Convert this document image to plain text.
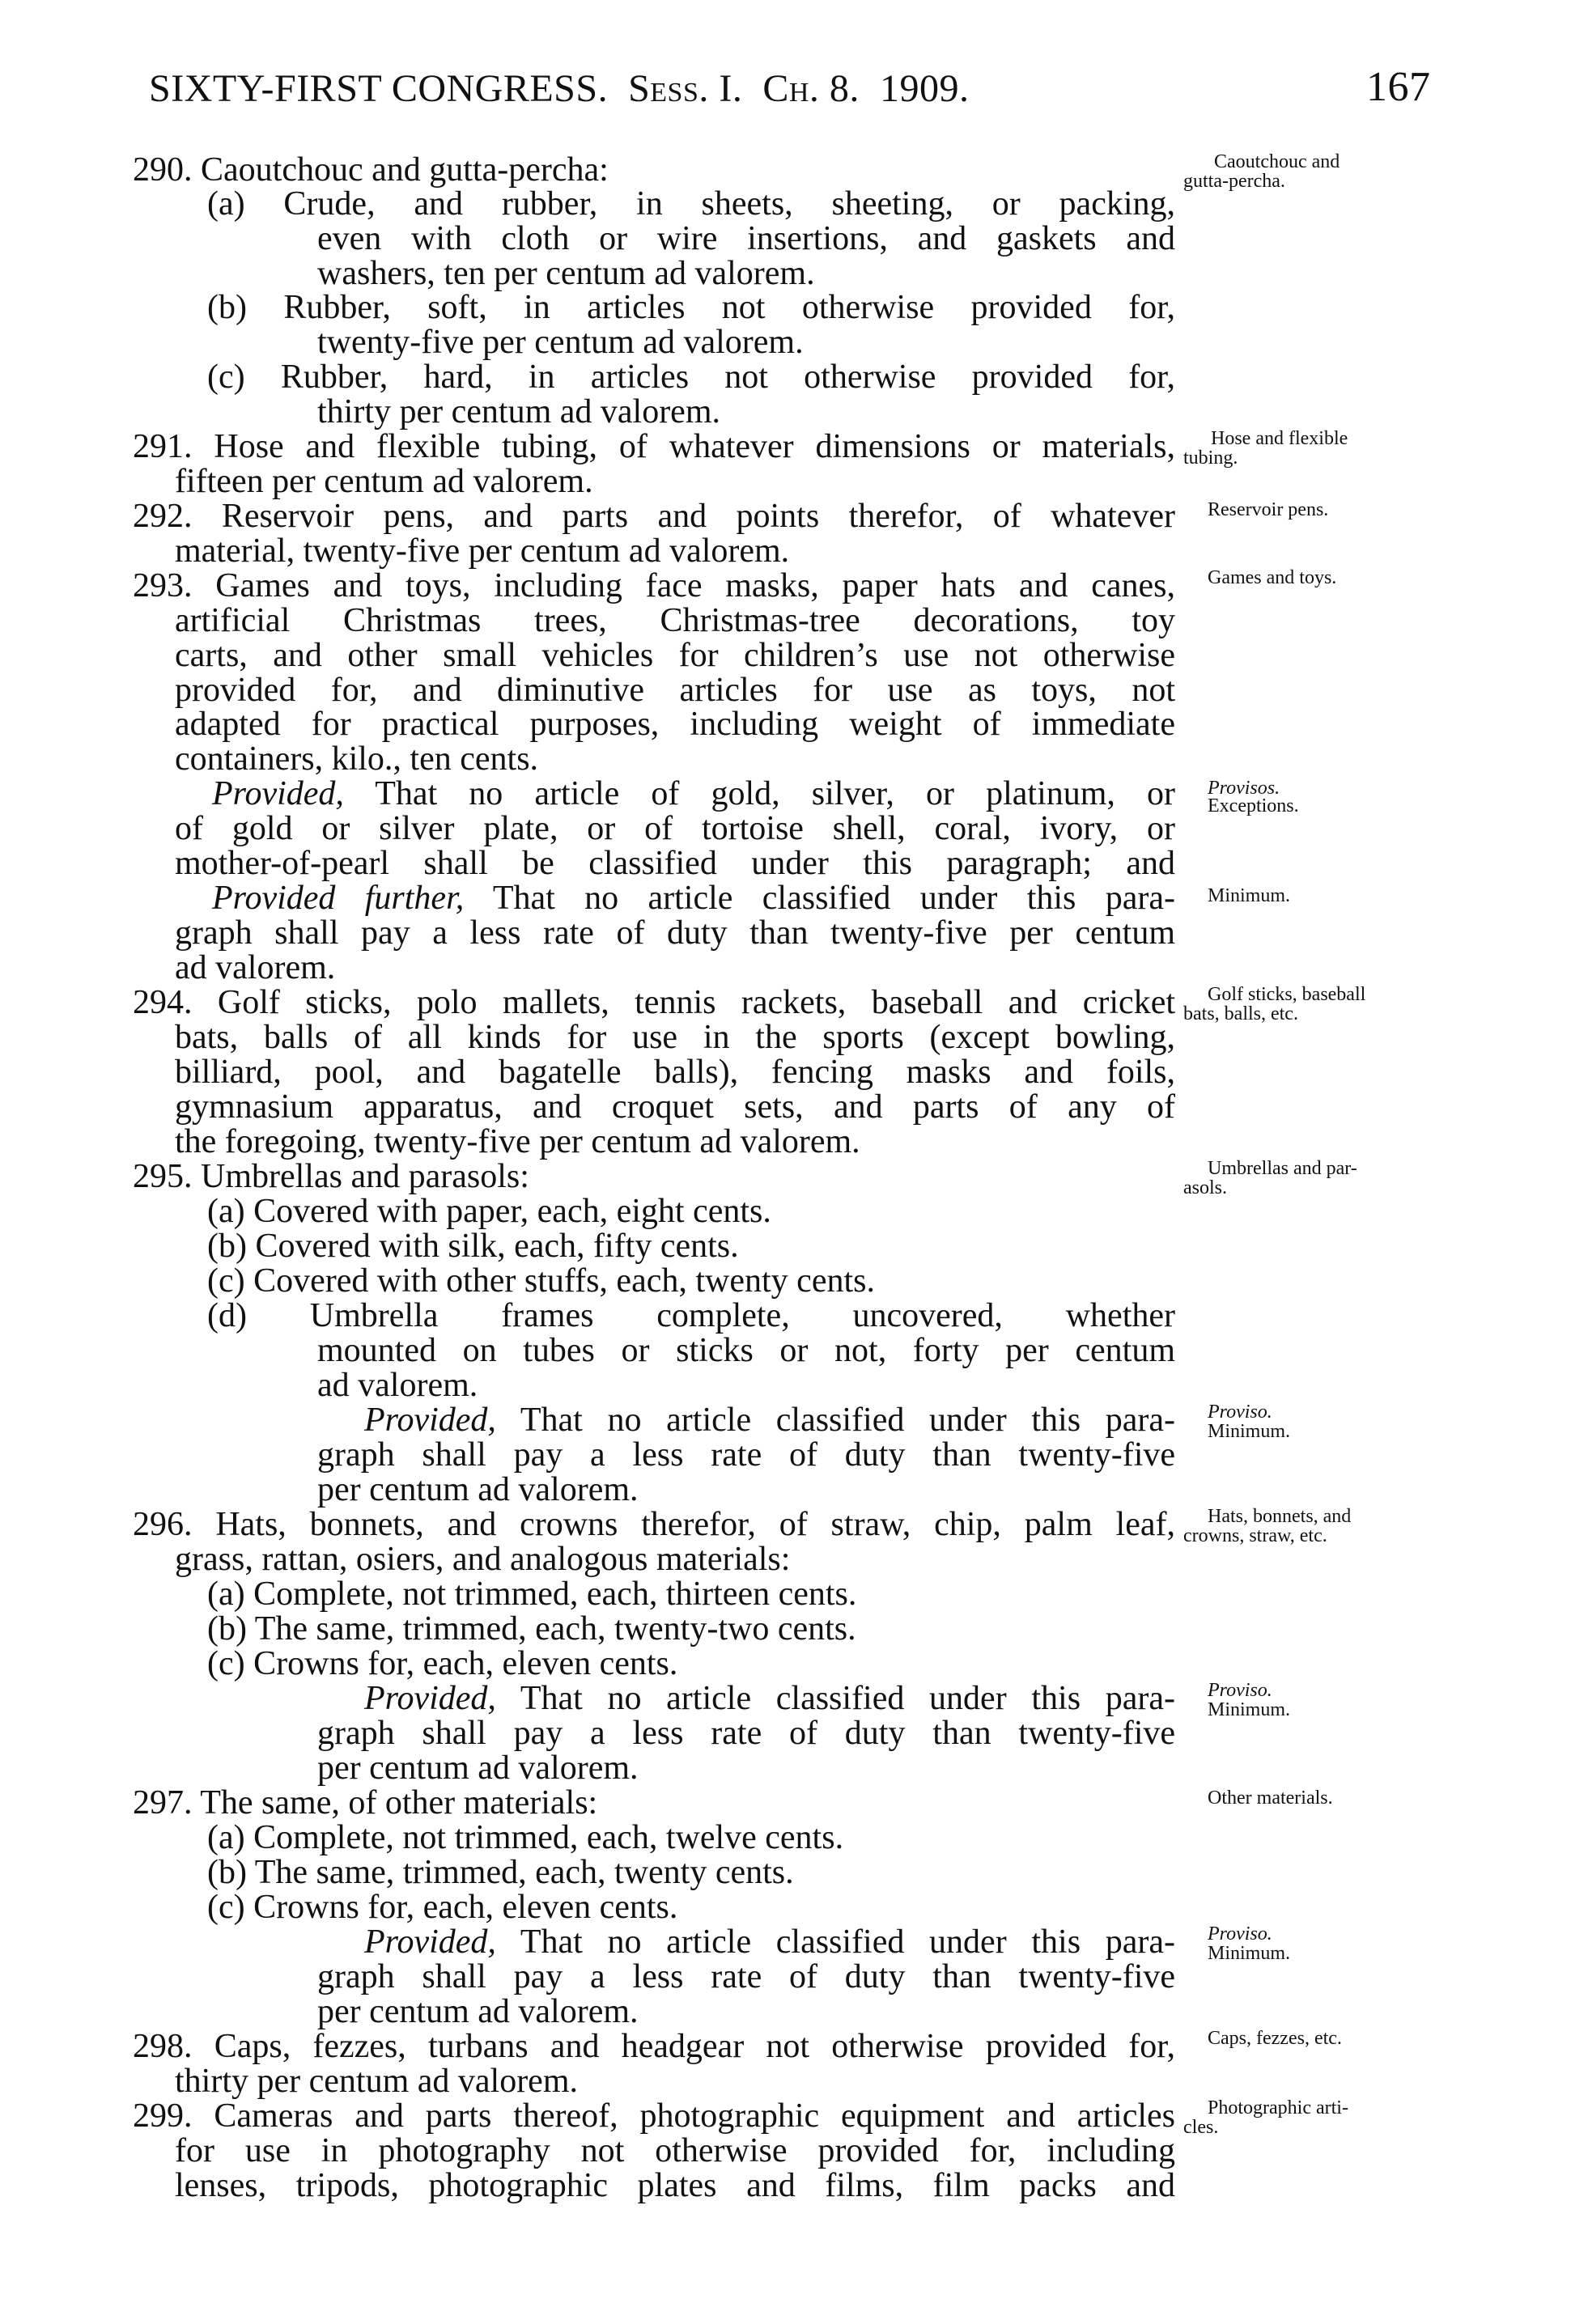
SIXTY-FIRST CONGRESS. Sess. I. Ch. 8. 1909.	167
290. Caoutchouc and gutta-percha:
(a) Crude, and rubber, in sheets, sheeting, or packing,
even with cloth or wire insertions, and gaskets and
washers, ten per centum ad valorem.
(b) Rubber, soft, in articles not otherwise provided for,
twenty-five per centum ad valorem.
(c) Rubber, hard, in articles not otherwise provided for,
thirty per centum ad valorem.
291. Hose and flexible tubing, of whatever dimensions or materials,
fifteen per centum ad valorem.
292. Reservoir pens, and parts and points therefor, of whatever
material, twenty-five per centum ad valorem.
293. Games and toys, including face masks, paper hats and canes,
artificial Christmas trees, Christmas-tree decorations, toy
carts, and other small vehicles for children’s use not otherwise
provided for, and diminutive articles for use as toys, not
adapted for practical purposes, including weight of immediate
containers, kilo., ten cents.
Provided, That no article of gold, silver, or platinum, or
of gold or silver plate, or of tortoise shell, coral, ivory, or
mother-of-pearl shall be classified under this paragraph; and
Provided further, That no article classified under this para-
graph shall pay a less rate of duty than twenty-five per centum
ad valorem.
294. Golf sticks, polo mallets, tennis rackets, baseball and cricket
bats, balls of all kinds for use in the sports (except bowling,
billiard, pool, and bagatelle balls), fencing masks and foils,
gymnasium apparatus, and croquet sets, and parts of any of
the foregoing, twenty-five per centum ad valorem.
295. Umbrellas and parasols:
(a) Covered with paper, each, eight cents.
(b) Covered with silk, each, fifty cents.
(c) Covered with other stuffs, each, twenty cents.
(d) Umbrella frames complete, uncovered, whether
mounted on tubes or sticks or not, forty per centum
ad valorem.
Provided, That no article classified under this para-
graph shall pay a less rate of duty than twenty-five
per centum ad valorem.
296. Hats, bonnets, and crowns therefor, of straw, chip, palm leaf,
grass, rattan, osiers, and analogous materials:
(a) Complete, not trimmed, each, thirteen cents.
(b) The same, trimmed, each, twenty-two cents.
(c) Crowns for, each, eleven cents.
Provided, That no article classified under this para-
graph shall pay a less rate of duty than twenty-five
per centum ad valorem.
297. The same, of other materials:
(a) Complete, not trimmed, each, twelve cents.
(b) The same, trimmed, each, twenty cents.
(c) Crowns for, each, eleven cents.
Provided, That no article classified under this para-
graph shall pay a less rate of duty than twenty-five
per centum ad valorem.
298. Caps, fezzes, turbans and headgear not otherwise provided for,
thirty per centum ad valorem.
299. Cameras and parts thereof, photographic equipment and articles
for use in photography not otherwise provided for, including
lenses, tripods, photographic plates and films, film packs and
Caoutchouc and
gutta-percha.
Hose and flexible
tubing.
Reservoir pens.
Games and toys.
Provisos.
Exceptions.
Minimum.
Golf sticks, baseball
bats, balls, etc.
Umbrellas and par-
asols.
Proviso.
Minimum.
Hats, bonnets, and
crowns, straw, etc.
Proviso.
Minimum.
Other materials.
Proviso.
Minimum.
Caps, fezzes, etc.
Photographic arti-
cles.
